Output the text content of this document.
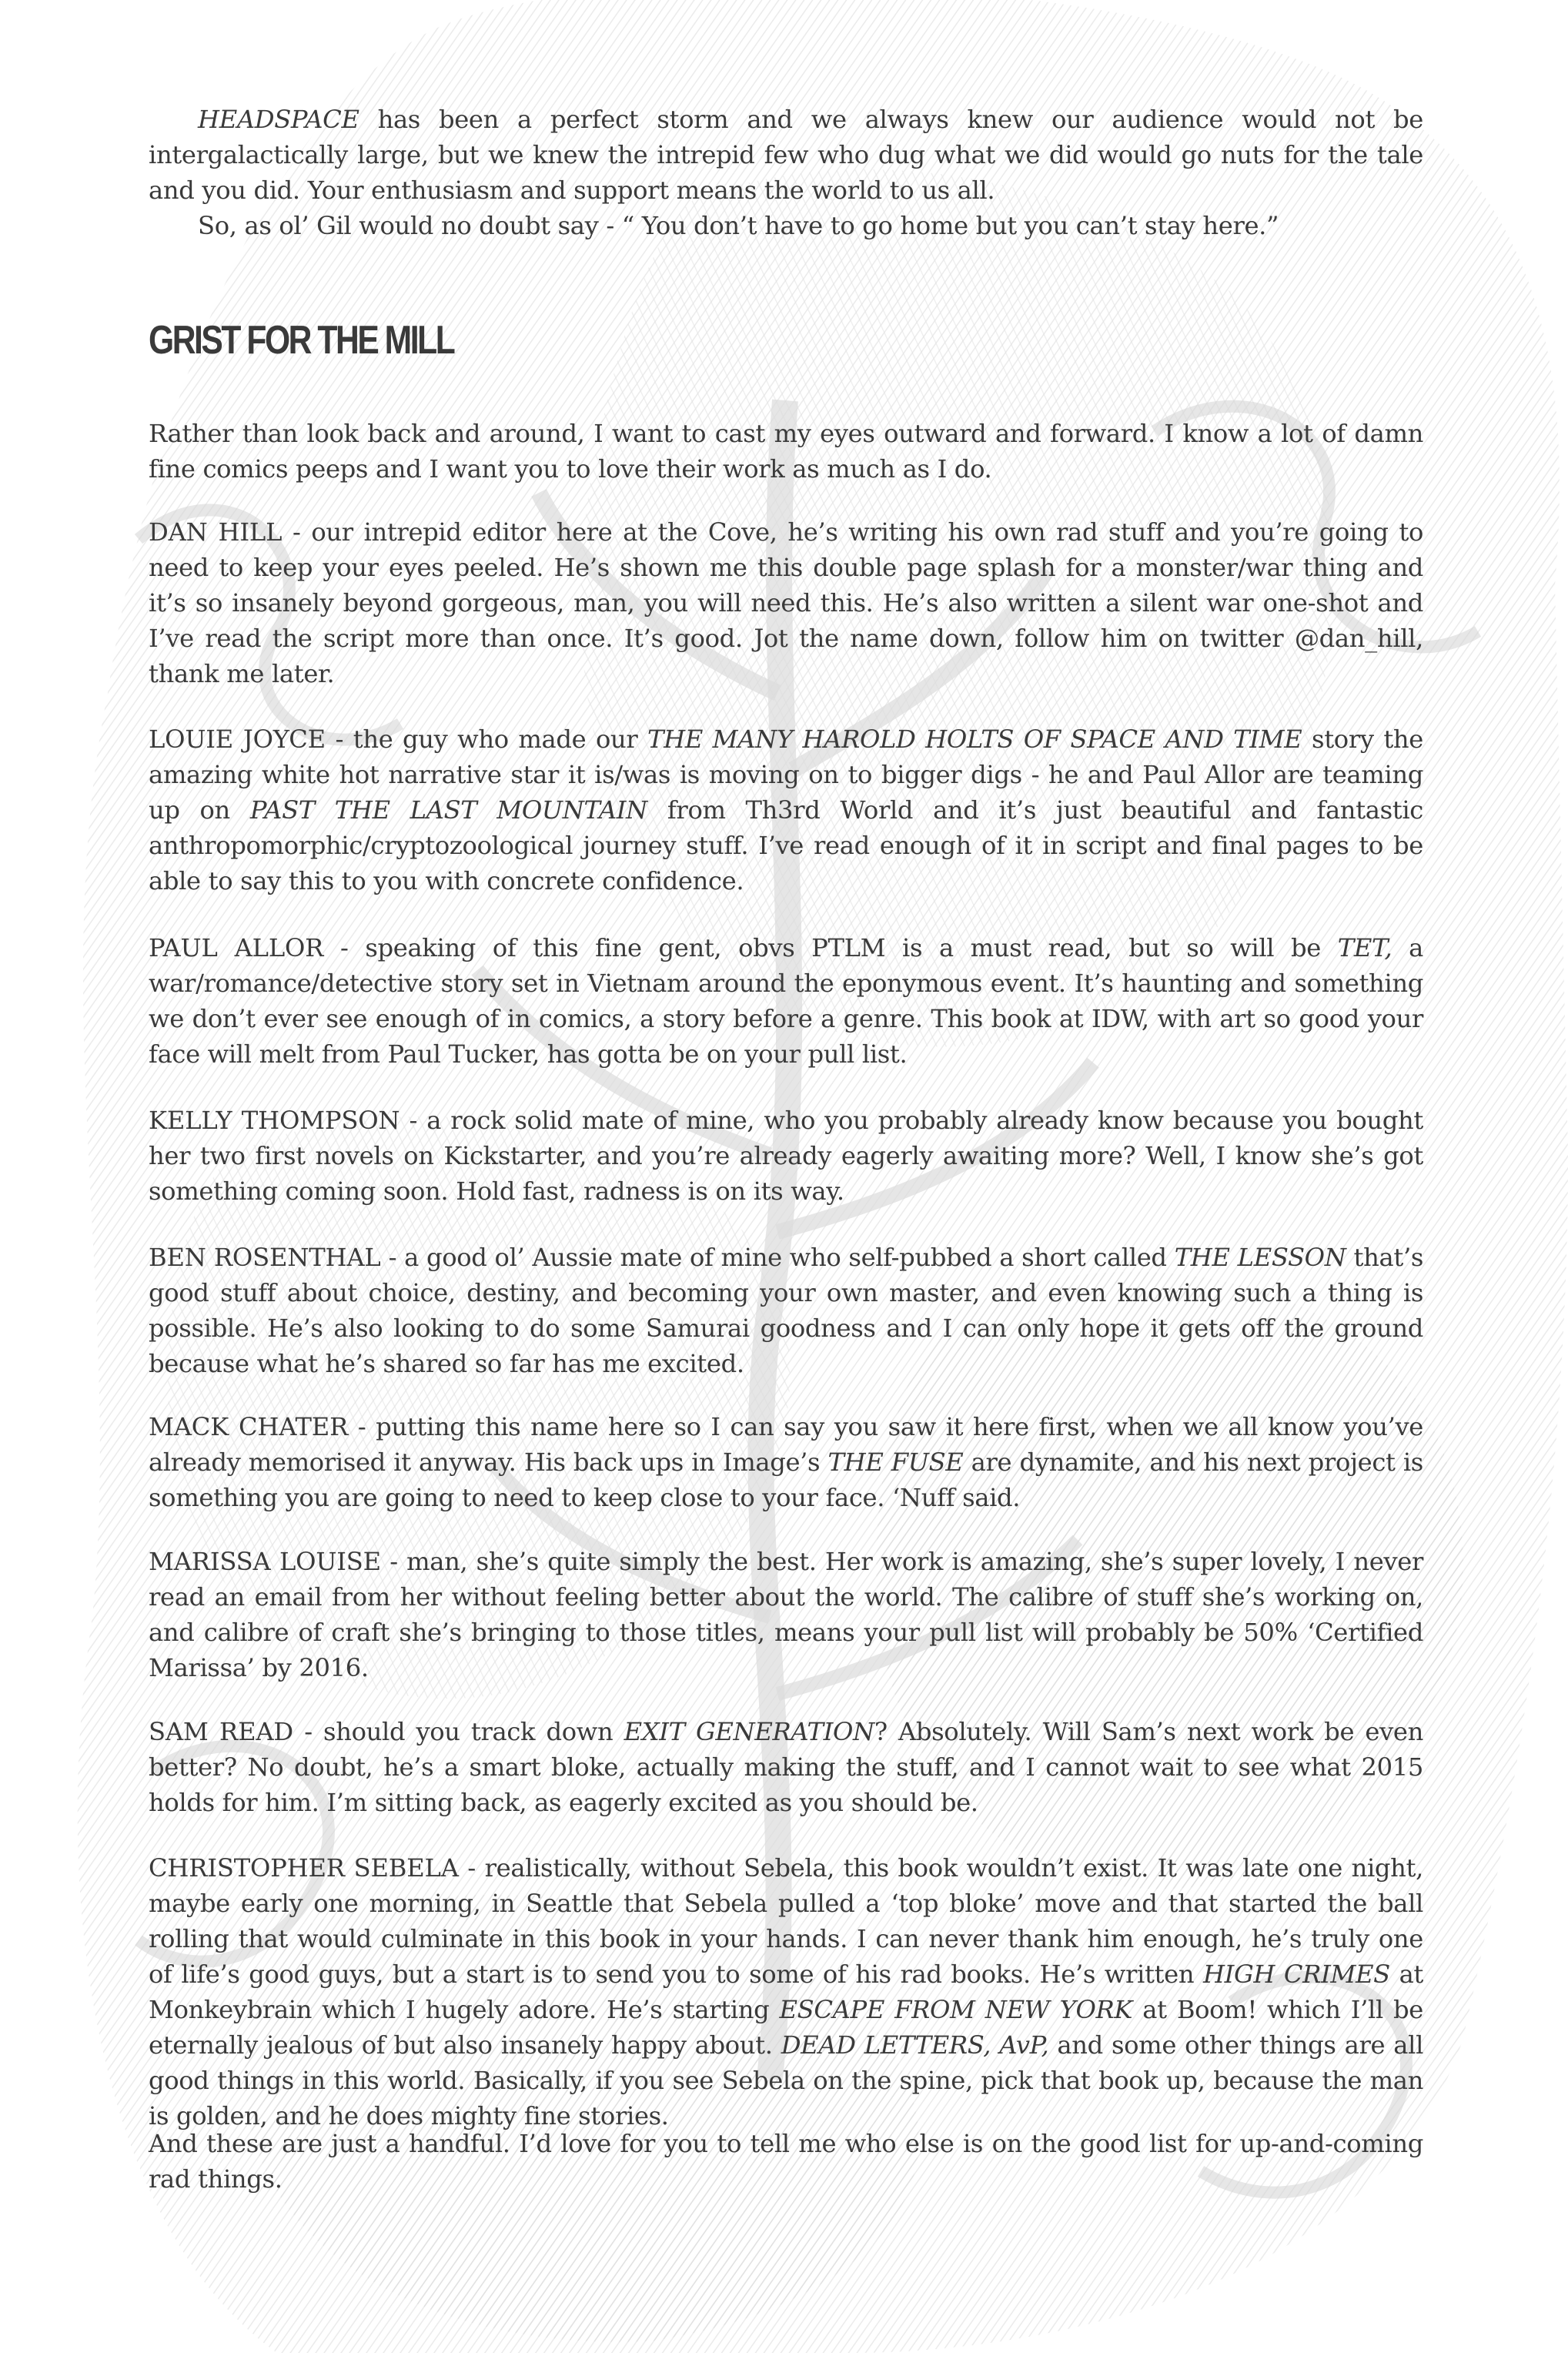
HEADSPACE has been a perfect storm and we always knew our audience would not be intergalactically large, but we knew the intrepid few who dug what we did would go nuts for the tale and you did. Your enthusiasm and support means the world to us all.

So, as ol’ Gil would no doubt say - “ You don’t have to go home but you can’t stay here.”

GRIST FOR THE MILL

Rather than look back and around, I want to cast my eyes outward and forward. I know a lot of damn fine comics peeps and I want you to love their work as much as I do.

DAN HILL - our intrepid editor here at the Cove, he’s writing his own rad stuff and you’re going to need to keep your eyes peeled. He’s shown me this double page splash for a monster/war thing and it’s so insanely beyond gorgeous, man, you will need this. He’s also written a silent war one-shot and I’ve read the script more than once. It’s good. Jot the name down, follow him on twitter @dan_hill, thank me later.

LOUIE JOYCE - the guy who made our THE MANY HAROLD HOLTS OF SPACE AND TIME story the amazing white hot narrative star it is/was is moving on to bigger digs - he and Paul Allor are teaming up on PAST THE LAST MOUNTAIN from Th3rd World and it’s just beautiful and fantastic anthropomorphic/cryptozoological journey stuff. I’ve read enough of it in script and final pages to be able to say this to you with concrete confidence.

PAUL ALLOR - speaking of this fine gent, obvs PTLM is a must read, but so will be TET, a war/romance/detective story set in Vietnam around the eponymous event. It’s haunting and something we don’t ever see enough of in comics, a story before a genre. This book at IDW, with art so good your face will melt from Paul Tucker, has gotta be on your pull list.

KELLY THOMPSON - a rock solid mate of mine, who you probably already know because you bought her two first novels on Kickstarter, and you’re already eagerly awaiting more? Well, I know she’s got something coming soon. Hold fast, radness is on its way.

BEN ROSENTHAL - a good ol’ Aussie mate of mine who self-pubbed a short called THE LESSON that’s good stuff about choice, destiny, and becoming your own master, and even knowing such a thing is possible. He’s also looking to do some Samurai goodness and I can only hope it gets off the ground because what he’s shared so far has me excited.

MACK CHATER - putting this name here so I can say you saw it here first, when we all know you’ve already memorised it anyway. His back ups in Image’s THE FUSE are dynamite, and his next project is something you are going to need to keep close to your face. ‘Nuff said.

MARISSA LOUISE - man, she’s quite simply the best. Her work is amazing, she’s super lovely, I never read an email from her without feeling better about the world. The calibre of stuff she’s working on, and calibre of craft she’s bringing to those titles, means your pull list will probably be 50% ‘Certified Marissa’ by 2016.

SAM READ - should you track down EXIT GENERATION? Absolutely. Will Sam’s next work be even better? No doubt, he’s a smart bloke, actually making the stuff, and I cannot wait to see what 2015 holds for him. I’m sitting back, as eagerly excited as you should be.

CHRISTOPHER SEBELA - realistically, without Sebela, this book wouldn’t exist. It was late one night, maybe early one morning, in Seattle that Sebela pulled a ‘top bloke’ move and that started the ball rolling that would culminate in this book in your hands. I can never thank him enough, he’s truly one of life’s good guys, but a start is to send you to some of his rad books. He’s written HIGH CRIMES at Monkeybrain which I hugely adore. He’s starting ESCAPE FROM NEW YORK at Boom! which I’ll be eternally jealous of but also insanely happy about. DEAD LETTERS, AvP, and some other things are all good things in this world. Basically, if you see Sebela on the spine, pick that book up, because the man is golden, and he does mighty fine stories.

And these are just a handful. I’d love for you to tell me who else is on the good list for up-and-coming rad things.
